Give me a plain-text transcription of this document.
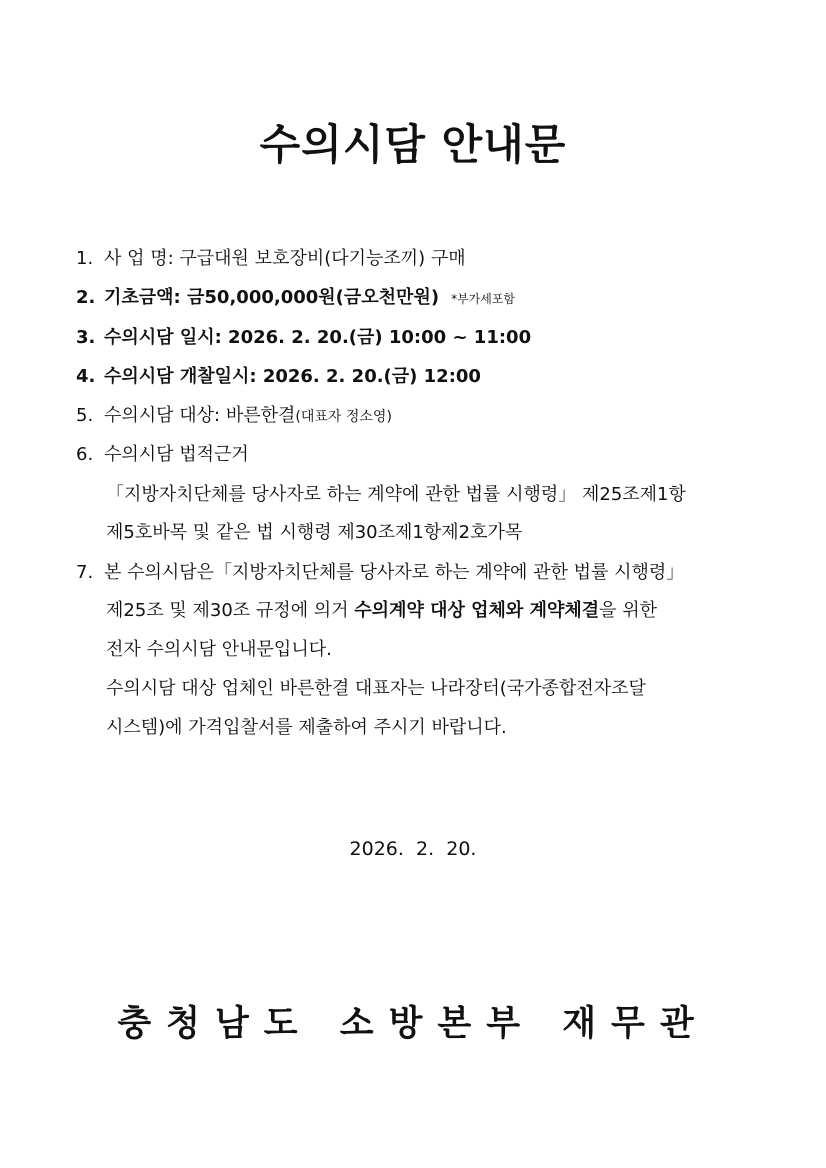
수의시담 안내문
1. 사 업 명: 구급대원 보호장비(다기능조끼) 구매
2. 기초금액: 금50,000,000원(금오천만원) *부가세포함
3. 수의시담 일시: 2026. 2. 20.(금) 10:00 ~ 11:00
4. 수의시담 개찰일시: 2026. 2. 20.(금) 12:00
5. 수의시담 대상: 바른한결(대표자 정소영)
6. 수의시담 법적근거
「지방자치단체를 당사자로 하는 계약에 관한 법률 시행령」 제25조제1항
제5호바목 및 같은 법 시행령 제30조제1항제2호가목
7. 본 수의시담은「지방자치단체를 당사자로 하는 계약에 관한 법률 시행령」
제25조 및 제30조 규정에 의거 수의계약 대상 업체와 계약체결을 위한
전자 수의시담 안내문입니다.
수의시담 대상 업체인 바른한결 대표자는 나라장터(국가종합전자조달
시스템)에 가격입찰서를 제출하여 주시기 바랍니다.
2026.  2.  20.
충청남도 소방본부 재무관
